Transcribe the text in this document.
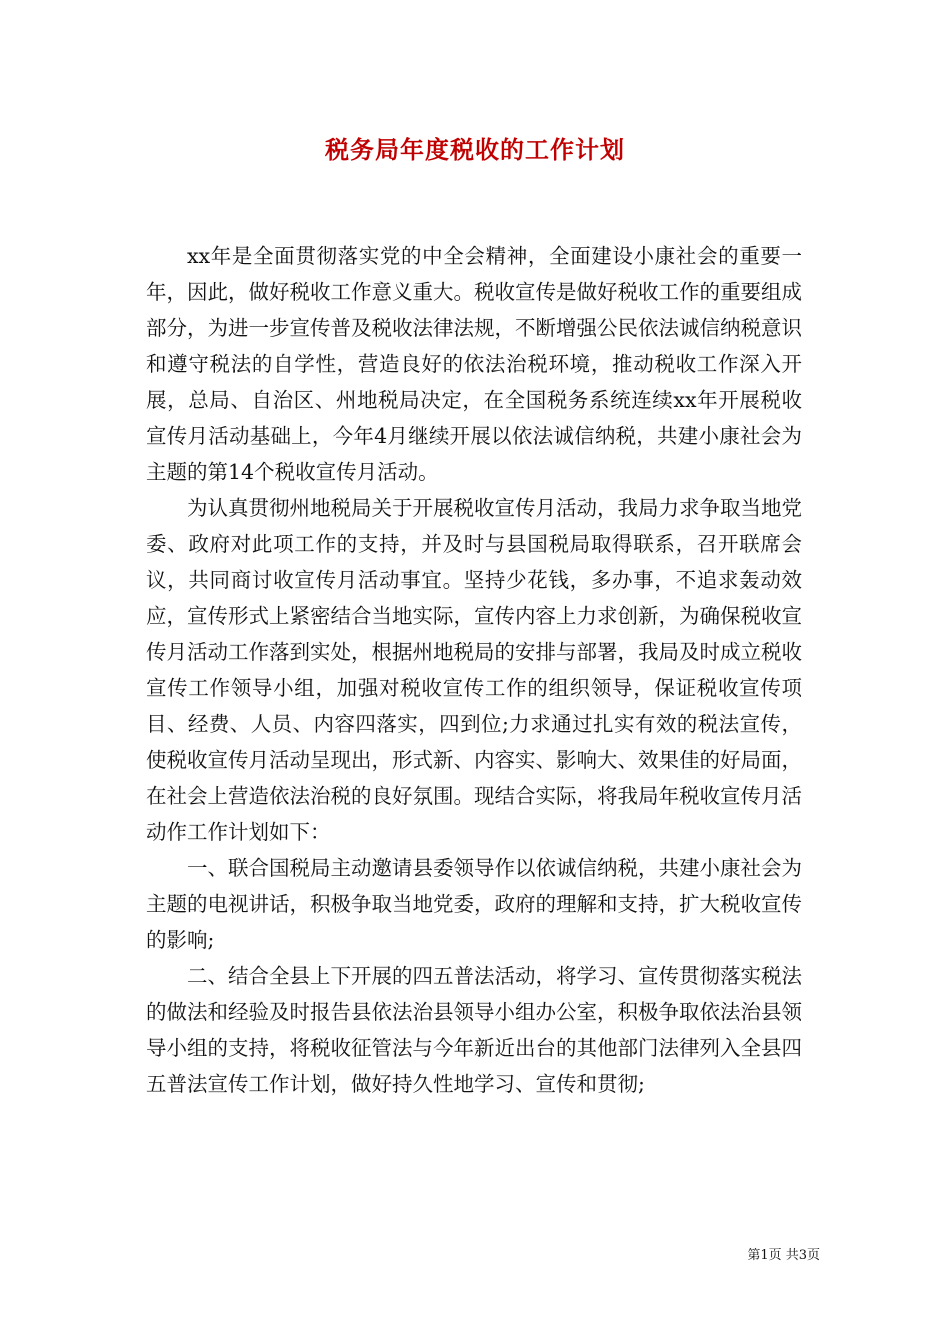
税务局年度税收的工作计划

xx年是全面贯彻落实党的中全会精神，全面建设小康社会的重要一年，因此，做好税收工作意义重大。税收宣传是做好税收工作的重要组成部分，为进一步宣传普及税收法律法规，不断增强公民依法诚信纳税意识和遵守税法的自学性，营造良好的依法治税环境，推动税收工作深入开展，总局、自治区、州地税局决定，在全国税务系统连续xx年开展税收宣传月活动基础上，今年4月继续开展以依法诚信纳税，共建小康社会为主题的第14个税收宣传月活动。

为认真贯彻州地税局关于开展税收宣传月活动，我局力求争取当地党委、政府对此项工作的支持，并及时与县国税局取得联系，召开联席会议，共同商讨收宣传月活动事宜。坚持少花钱，多办事，不追求轰动效应，宣传形式上紧密结合当地实际，宣传内容上力求创新，为确保税收宣传月活动工作落到实处，根据州地税局的安排与部署，我局及时成立税收宣传工作领导小组，加强对税收宣传工作的组织领导，保证税收宣传项目、经费、人员、内容四落实，四到位;力求通过扎实有效的税法宣传，使税收宣传月活动呈现出，形式新、内容实、影响大、效果佳的好局面，在社会上营造依法治税的良好氛围。现结合实际，将我局年税收宣传月活动作工作计划如下：

一、联合国税局主动邀请县委领导作以依诚信纳税，共建小康社会为主题的电视讲话，积极争取当地党委，政府的理解和支持，扩大税收宣传的影响;

二、结合全县上下开展的四五普法活动，将学习、宣传贯彻落实税法的做法和经验及时报告县依法治县领导小组办公室，积极争取依法治县领导小组的支持，将税收征管法与今年新近出台的其他部门法律列入全县四五普法宣传工作计划，做好持久性地学习、宣传和贯彻;

第1页 共3页
